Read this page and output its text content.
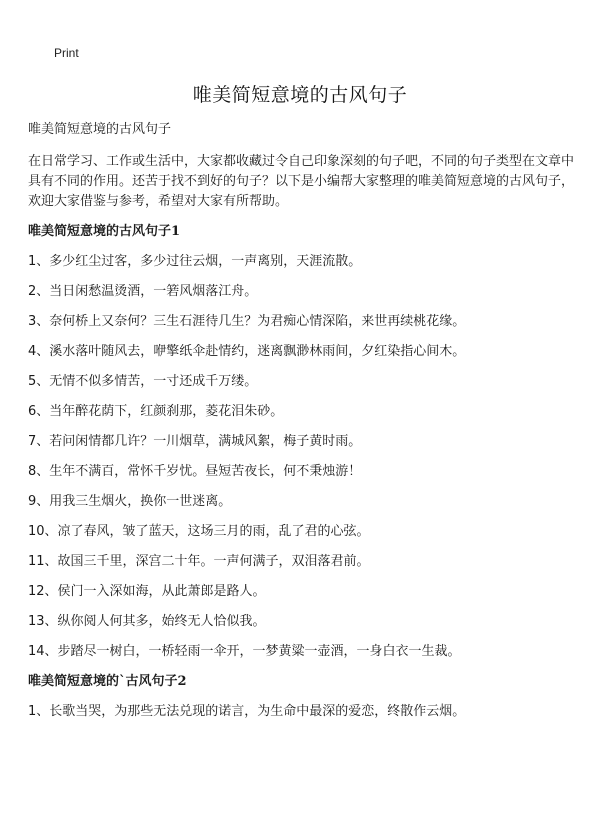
Print
唯美简短意境的古风句子

唯美简短意境的古风句子

在日常学习、工作或生活中，大家都收藏过令自己印象深刻的句子吧，不同的句子类型在文章中具有不同的作用。还苦于找不到好的句子？以下是小编帮大家整理的唯美简短意境的古风句子，欢迎大家借鉴与参考，希望对大家有所帮助。

唯美简短意境的古风句子1
1、多少红尘过客，多少过往云烟，一声离别，天涯流散。
2、当日闲愁温烫酒，一箬风烟落江舟。
3、奈何桥上又奈何？三生石涯待几生？为君痴心情深陷，来世再续桃花缘。
4、溪水落叶随风去，咿擎纸伞赴情约，迷离飘渺林雨间，夕红染指心间木。
5、无情不似多情苦，一寸还成千万缕。
6、当年醉花荫下，红颜刹那，菱花泪朱砂。
7、若问闲情都几许？一川烟草，满城风絮，梅子黄时雨。
8、生年不满百，常怀千岁忧。昼短苦夜长，何不秉烛游！
9、用我三生烟火，换你一世迷离。
10、凉了春风，皱了蓝天，这场三月的雨，乱了君的心弦。
11、故国三千里，深宫二十年。一声何满子，双泪落君前。
12、侯门一入深如海，从此萧郎是路人。
13、纵你阅人何其多，始终无人恰似我。
14、步踏尽一树白，一桥轻雨一伞开，一梦黄粱一壶酒，一身白衣一生裁。
唯美简短意境的`古风句子2
1、长歌当哭，为那些无法兑现的诺言，为生命中最深的爱恋，终散作云烟。
